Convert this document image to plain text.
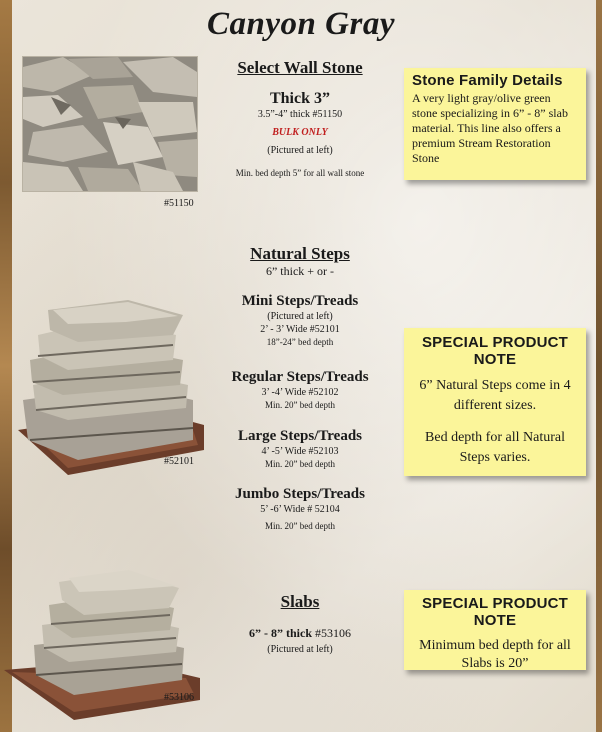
Canyon Gray
#51150
Select Wall Stone
Thick 3”
3.5”-4” thick #51150
BULK ONLY
(Pictured at left)
Min. bed depth 5” for all wall stone
Stone Family Details
A very light gray/olive green stone specializing in 6” - 8” slab material. This line also offers a premium Stream Restoration Stone
#52101
Natural Steps
6” thick + or -
Mini Steps/Treads
(Pictured at left)
2’ - 3’ Wide #52101
18”-24” bed depth
Regular Steps/Treads
3’ -4’ Wide #52102
Min. 20” bed depth
Large Steps/Treads
4’ -5’ Wide #52103
Min. 20” bed depth
Jumbo Steps/Treads
5’ -6’ Wide # 52104
Min. 20” bed depth
SPECIAL PRODUCT NOTE
6” Natural Steps come in 4 different sizes.
Bed depth for all Natural Steps varies.
#53106
Slabs
6” - 8” thick #53106
(Pictured at left)
SPECIAL PRODUCT NOTE
Minimum bed depth for all Slabs is 20”
